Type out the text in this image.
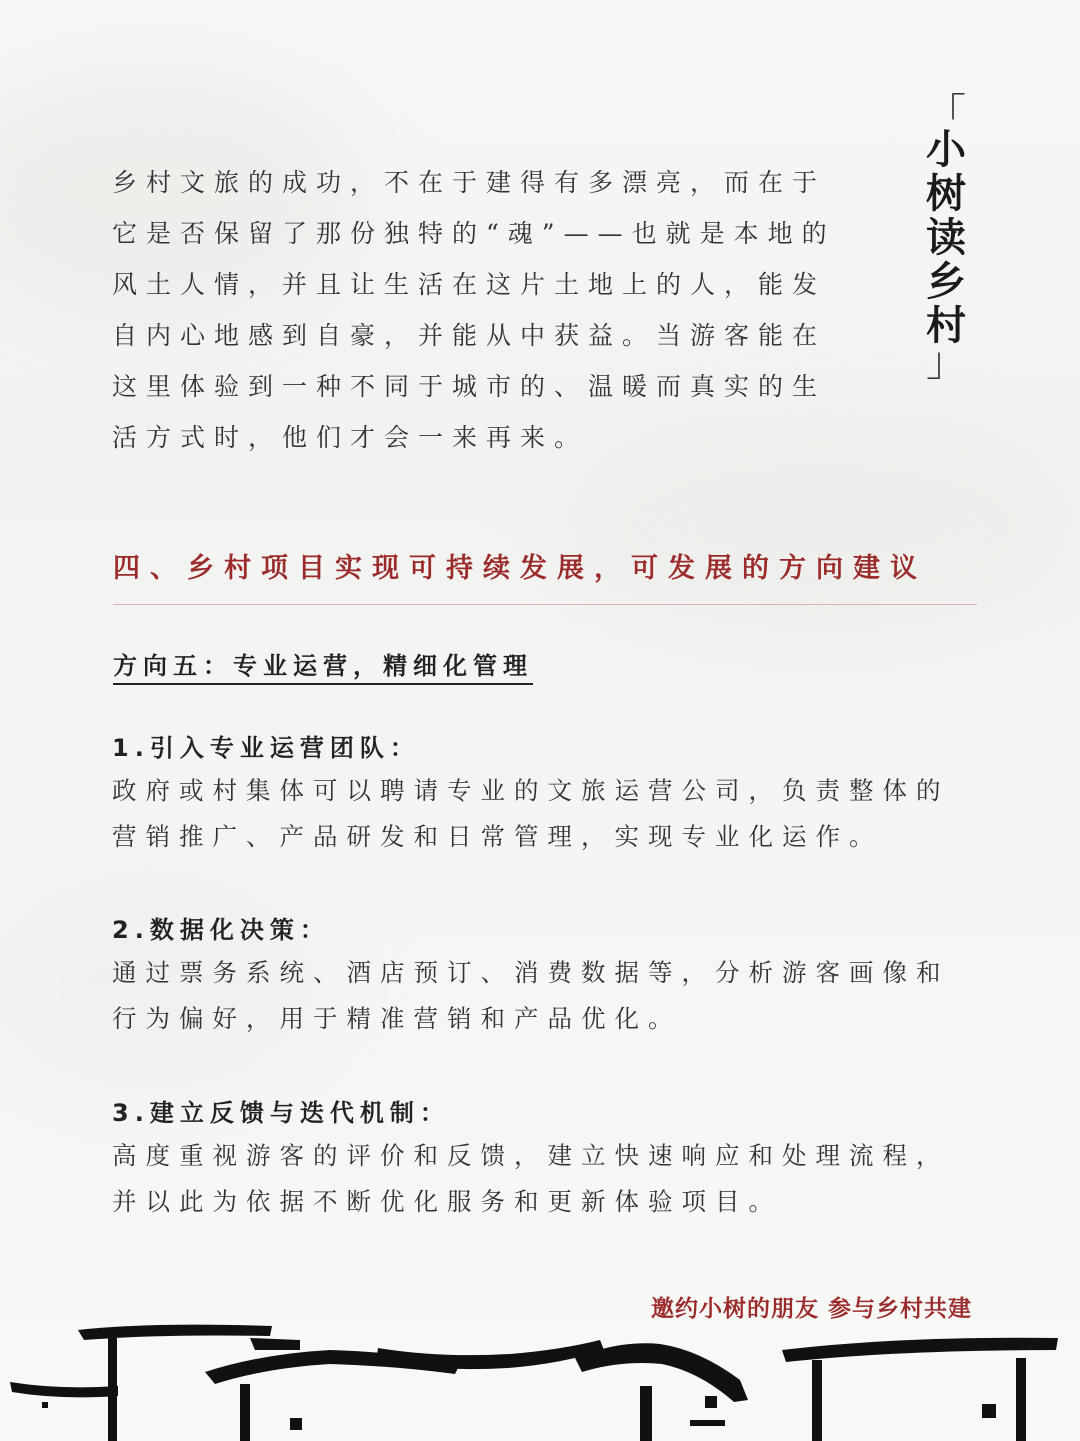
「
小
树
读
乡
村
」

乡村文旅的成功，不在于建得有多漂亮，而在于它是否保留了那份独特的“魂”——也就是本地的风土人情，并且让生活在这片土地上的人，能发自内心地感到自豪，并能从中获益。当游客能在这里体验到一种不同于城市的、温暖而真实的生活方式时，他们才会一来再来。

四、乡村项目实现可持续发展，可发展的方向建议
方向五：专业运营，精细化管理
1.引入专业运营团队：
政府或村集体可以聘请专业的文旅运营公司，负责整体的营销推广、产品研发和日常管理，实现专业化运作。
2.数据化决策：
通过票务系统、酒店预订、消费数据等，分析游客画像和行为偏好，用于精准营销和产品优化。
3.建立反馈与迭代机制：
高度重视游客的评价和反馈，建立快速响应和处理流程，并以此为依据不断优化服务和更新体验项目。
邀约小树的朋友 参与乡村共建
